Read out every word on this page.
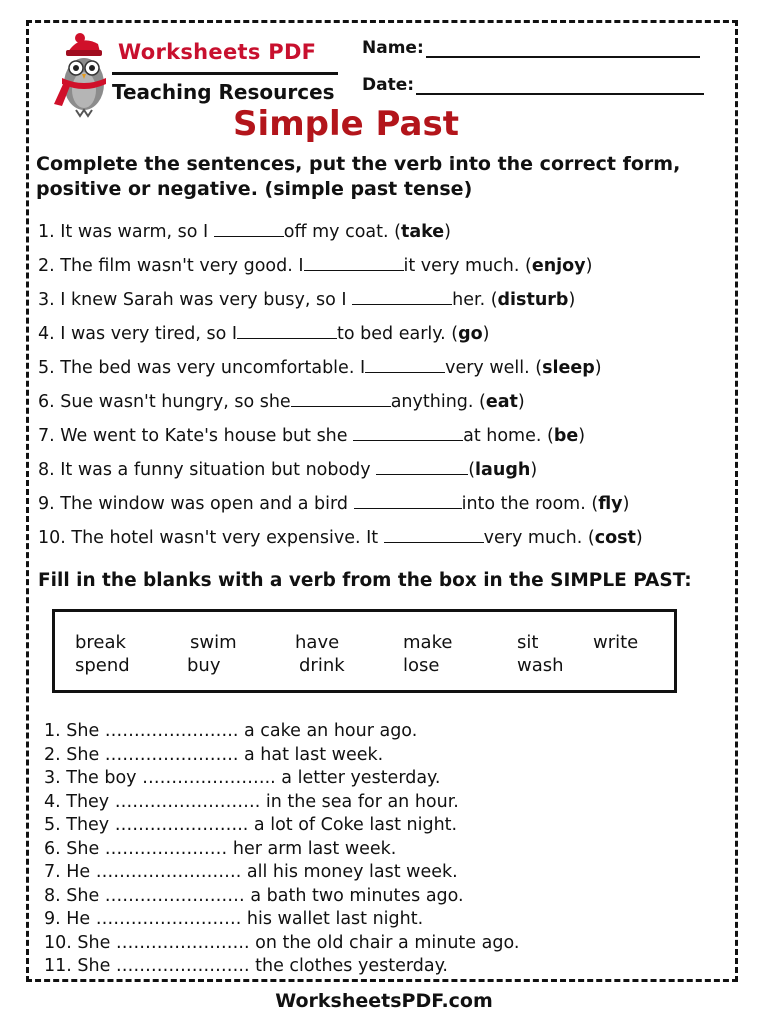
Worksheets PDF
Teaching Resources
Name:
Date:
Simple Past
Complete the sentences, put the verb into the correct form, positive or negative. (simple past tense)
1. It was warm, so I	off my coat. (take)
2. The film wasn't very good. I	it very much. (enjoy)
3. I knew Sarah was very busy, so I	her. (disturb)
4. I was very tired, so I	to bed early. (go)
5. The bed was very uncomfortable. I	very well. (sleep)
6. Sue wasn't hungry, so she	anything. (eat)
7. We went to Kate's house but she	at home. (be)
8. It was a funny situation but nobody	(laugh)
9. The window was open and a bird	into the room. (fly)
10. The hotel wasn't very expensive. It	very much. (cost)
Fill in the blanks with a verb from the box in the SIMPLE PAST:
break	swim	have	make	sit	write
spend	buy	drink	lose	wash
1. She ………………….. a cake an hour ago.
2. She ………………….. a hat last week.
3. The boy ………………….. a letter yesterday.
4. They ……………………. in the sea for an hour.
5. They ………………….. a lot of Coke last night.
6. She ………………… her arm last week.
7. He ……………………. all his money last week.
8. She …………………… a bath two minutes ago.
9. He ……………………. his wallet last night.
10. She ………………….. on the old chair a minute ago.
11. She ………………….. the clothes yesterday.
WorksheetsPDF.com
